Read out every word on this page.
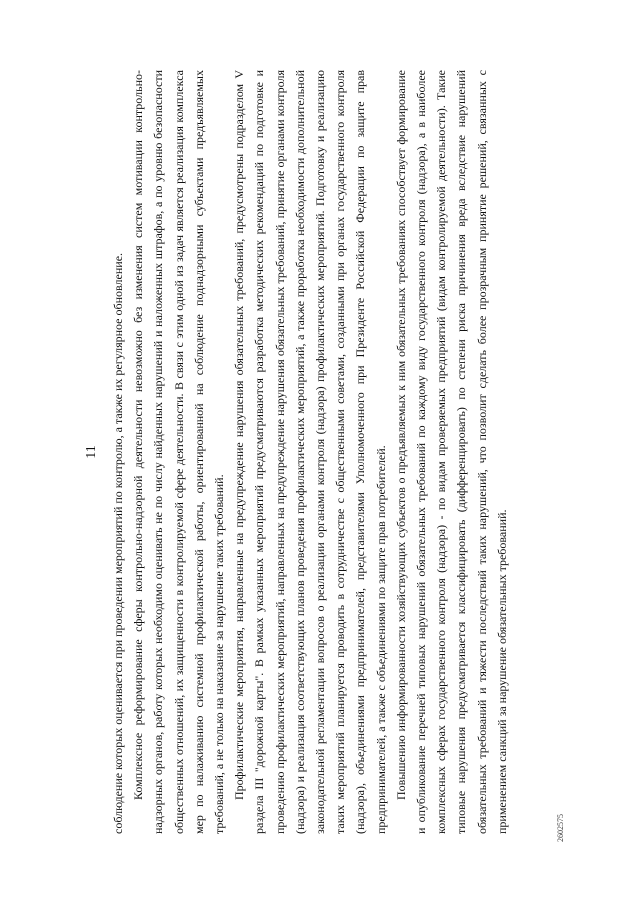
11 соблюдение которых оценивается при проведении мероприятий по контролю, а также их регулярное обновление. Комплексное реформирование сферы контрольно-надзорной деятельности невозможно без изменения систем мотивации контрольно-надзорных органов, работу которых необходимо оценивать не по числу найденных нарушений и наложенных штрафов, а по уровню безопасности общественных отношений, их защищенности в контролируемой сфере деятельности. В связи с этим одной из задач является реализация комплекса мер по налаживанию системной профилактической работы, ориентированной на соблюдение поднадзорными субъектами предъявляемых требований, а не только на наказание за нарушение таких требований. Профилактические мероприятия, направленные на предупреждение нарушения обязательных требований, предусмотрены подразделом V раздела III "дорожной карты". В рамках указанных мероприятий предусматриваются разработка методических рекомендаций по подготовке и проведению профилактических мероприятий, направленных на предупреждение нарушения обязательных требований, принятие органами контроля (надзора) и реализация соответствующих планов проведения профилактических мероприятий, а также проработка необходимости дополнительной законодательной регламентации вопросов о реализации органами контроля (надзора) профилактических мероприятий. Подготовку и реализацию таких мероприятий планируется проводить в сотрудничестве с общественными советами, созданными при органах государственного контроля (надзора), объединениями предпринимателей, представителями Уполномоченного при Президенте Российской Федерации по защите прав предпринимателей, а также с объединениями по защите прав потребителей. Повышению информированности хозяйствующих субъектов о предъявляемых к ним обязательных требованиях способствует формирование и опубликование перечней типовых нарушений обязательных требований по каждому виду государственного контроля (надзора), а в наиболее комплексных сферах государственного контроля (надзора) - по видам проверяемых предприятий (видам контролируемой деятельности). Такие типовые нарушения предусматривается классифицировать (дифференцировать) по степени риска причинения вреда вследствие нарушений обязательных требований и тяжести последствий таких нарушений, что позволит сделать более прозрачным принятие решений, связанных с применением санкций за нарушение обязательных требований.	2602575
